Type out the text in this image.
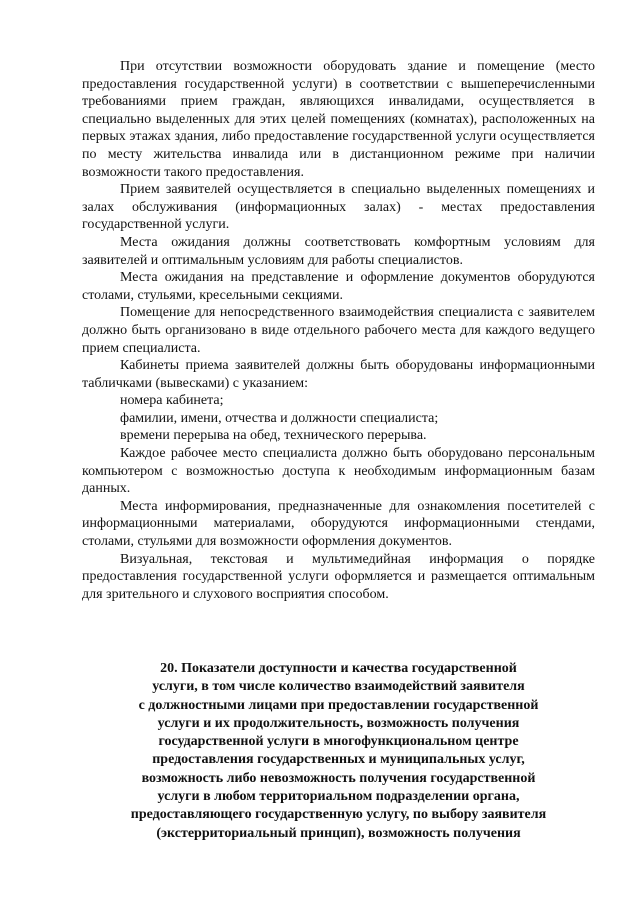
При отсутствии возможности оборудовать здание и помещение (место предоставления государственной услуги) в соответствии с вышеперечисленными требованиями прием граждан, являющихся инвалидами, осуществляется в специально выделенных для этих целей помещениях (комнатах), расположенных на первых этажах здания, либо предоставление государственной услуги осуществляется по месту жительства инвалида или в дистанционном режиме при наличии возможности такого предоставления.

Прием заявителей осуществляется в специально выделенных помещениях и залах обслуживания (информационных залах) - местах предоставления государственной услуги.

Места ожидания должны соответствовать комфортным условиям для заявителей и оптимальным условиям для работы специалистов.

Места ожидания на представление и оформление документов оборудуются столами, стульями, кресельными секциями.

Помещение для непосредственного взаимодействия специалиста с заявителем должно быть организовано в виде отдельного рабочего места для каждого ведущего прием специалиста.

Кабинеты приема заявителей должны быть оборудованы информационными табличками (вывесками) с указанием:

номера кабинета;

фамилии, имени, отчества и должности специалиста;

времени перерыва на обед, технического перерыва.

Каждое рабочее место специалиста должно быть оборудовано персональным компьютером с возможностью доступа к необходимым информационным базам данных.

Места информирования, предназначенные для ознакомления посетителей с информационными материалами, оборудуются информационными стендами, столами, стульями для возможности оформления документов.

Визуальная, текстовая и мультимедийная информация о порядке предоставления государственной услуги оформляется и размещается оптимальным для зрительного и слухового восприятия способом.

20. Показатели доступности и качества государственной
услуги, в том числе количество взаимодействий заявителя
с должностными лицами при предоставлении государственной
услуги и их продолжительность, возможность получения
государственной услуги в многофункциональном центре
предоставления государственных и муниципальных услуг,
возможность либо невозможность получения государственной
услуги в любом территориальном подразделении органа,
предоставляющего государственную услугу, по выбору заявителя
(экстерриториальный принцип), возможность получения
